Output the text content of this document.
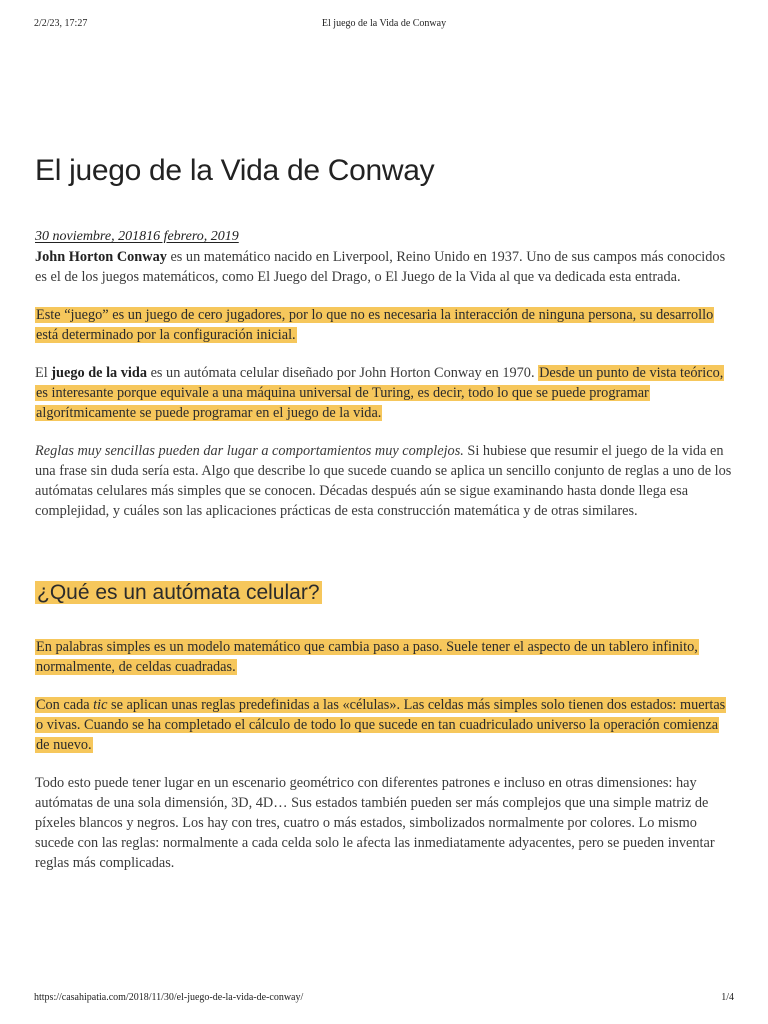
2/2/23, 17:27	El juego de la Vida de Conway
El juego de la Vida de Conway
30 noviembre, 201816 febrero, 2019

John Horton Conway es un matemático nacido en Liverpool, Reino Unido en 1937. Uno de sus campos más conocidos es el de los juegos matemáticos, como El Juego del Drago, o El Juego de la Vida al que va dedicada esta entrada.

Este “juego” es un juego de cero jugadores, por lo que no es necesaria la interacción de ninguna persona, su desarrollo está determinado por la configuración inicial.

El juego de la vida es un autómata celular diseñado por John Horton Conway en 1970. Desde un punto de vista teórico, es interesante porque equivale a una máquina universal de Turing, es decir, todo lo que se puede programar algorítmicamente se puede programar en el juego de la vida.

Reglas muy sencillas pueden dar lugar a comportamientos muy complejos. Si hubiese que resumir el juego de la vida en una frase sin duda sería esta. Algo que describe lo que sucede cuando se aplica un sencillo conjunto de reglas a uno de los autómatas celulares más simples que se conocen. Décadas después aún se sigue examinando hasta donde llega esa complejidad, y cuáles son las aplicaciones prácticas de esta construcción matemática y de otras similares.

¿Qué es un autómata celular?

En palabras simples es un modelo matemático que cambia paso a paso. Suele tener el aspecto de un tablero infinito, normalmente, de celdas cuadradas.

Con cada tic se aplican unas reglas predefinidas a las «células». Las celdas más simples solo tienen dos estados: muertas o vivas. Cuando se ha completado el cálculo de todo lo que sucede en tan cuadriculado universo la operación comienza de nuevo.

Todo esto puede tener lugar en un escenario geométrico con diferentes patrones e incluso en otras dimensiones: hay autómatas de una sola dimensión, 3D, 4D… Sus estados también pueden ser más complejos que una simple matriz de píxeles blancos y negros. Los hay con tres, cuatro o más estados, simbolizados normalmente por colores. Lo mismo sucede con las reglas: normalmente a cada celda solo le afecta las inmediatamente adyacentes, pero se pueden inventar reglas más complicadas.

https://casahipatia.com/2018/11/30/el-juego-de-la-vida-de-conway/	1/4
